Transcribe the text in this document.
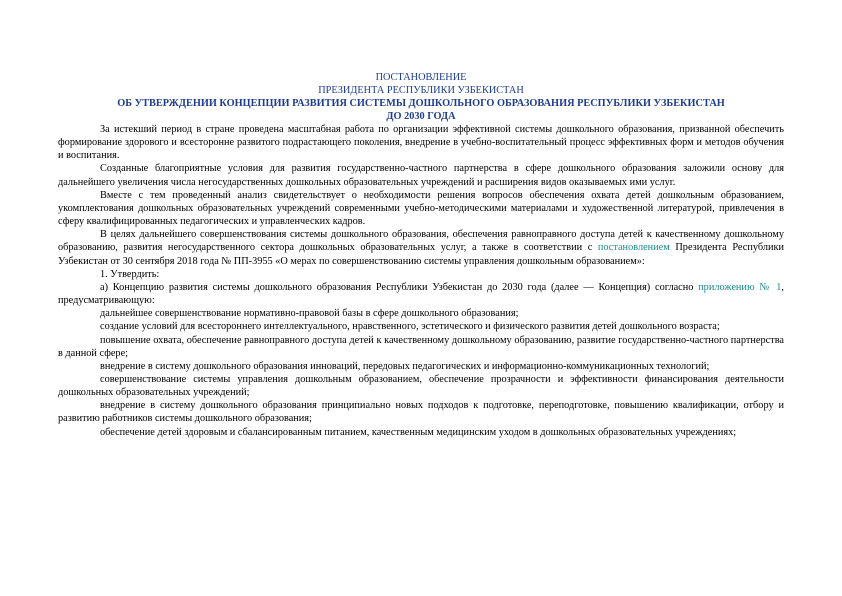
ПОСТАНОВЛЕНИЕ
ПРЕЗИДЕНТА РЕСПУБЛИКИ УЗБЕКИСТАН
ОБ УТВЕРЖДЕНИИ КОНЦЕПЦИИ РАЗВИТИЯ СИСТЕМЫ ДОШКОЛЬНОГО ОБРАЗОВАНИЯ РЕСПУБЛИКИ УЗБЕКИСТАН
ДО 2030 ГОДА

За истекший период в стране проведена масштабная работа по организации эффективной системы дошкольного образования, призванной обеспечить формирование здорового и всесторонне развитого подрастающего поколения, внедрение в учебно-воспитательный процесс эффективных форм и методов обучения и воспитания.

Созданные благоприятные условия для развития государственно-частного партнерства в сфере дошкольного образования заложили основу для дальнейшего увеличения числа негосударственных дошкольных образовательных учреждений и расширения видов оказываемых ими услуг.

Вместе с тем проведенный анализ свидетельствует о необходимости решения вопросов обеспечения охвата детей дошкольным образованием, укомплектования дошкольных образовательных учреждений современными учебно-методическими материалами и художественной литературой, привлечения в сферу квалифицированных педагогических и управленческих кадров.

В целях дальнейшего совершенствования системы дошкольного образования, обеспечения равноправного доступа детей к качественному дошкольному образованию, развития негосударственного сектора дошкольных образовательных услуг, а также в соответствии с постановлением Президента Республики Узбекистан от 30 сентября 2018 года № ПП-3955 «О мерах по совершенствованию системы управления дошкольным образованием»:

1. Утвердить:

а) Концепцию развития системы дошкольного образования Республики Узбекистан до 2030 года (далее — Концепция) согласно приложению № 1, предусматривающую:

дальнейшее совершенствование нормативно-правовой базы в сфере дошкольного образования;

создание условий для всестороннего интеллектуального, нравственного, эстетического и физического развития детей дошкольного возраста;

повышение охвата, обеспечение равноправного доступа детей к качественному дошкольному образованию, развитие государственно-частного партнерства в данной сфере;

внедрение в систему дошкольного образования инноваций, передовых педагогических и информационно-коммуникационных технологий;

совершенствование системы управления дошкольным образованием, обеспечение прозрачности и эффективности финансирования деятельности дошкольных образовательных учреждений;

внедрение в систему дошкольного образования принципиально новых подходов к подготовке, переподготовке, повышению квалификации, отбору и развитию работников системы дошкольного образования;

обеспечение детей здоровым и сбалансированным питанием, качественным медицинским уходом в дошкольных образовательных учреждениях;
